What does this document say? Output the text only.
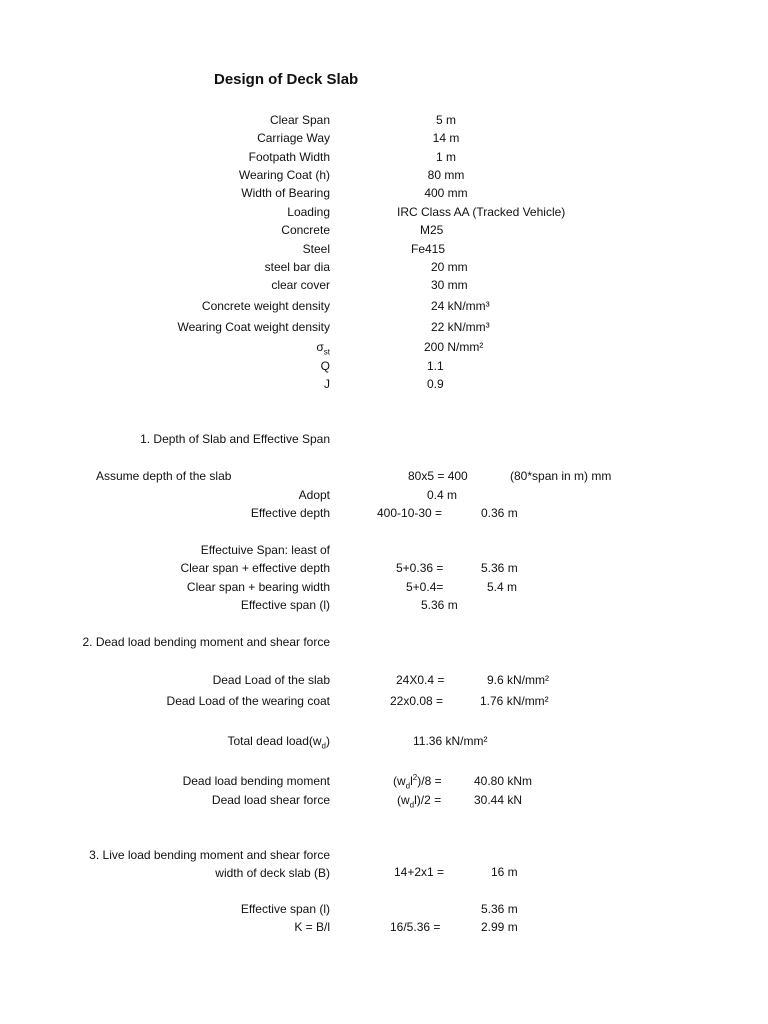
Design of Deck Slab
Clear Span	5 m
Carriage Way	14 m
Footpath Width	1 m
Wearing Coat (h)	80 mm
Width of Bearing	400 mm
Loading	IRC Class AA (Tracked Vehicle)
Concrete	M25
Steel	Fe415
steel bar dia	20 mm
clear cover	30 mm
Concrete weight density	24 kN/mm³
Wearing Coat weight density	22 kN/mm³
$\sigma_{st}$	200 N/mm²
Q	1.1
J	0.9
1. Depth of Slab and Effective Span
Assume depth of the slab	80x5 = 400	(80*span in m) mm
Adopt	0.4 m
Effective depth	400-10-30 =	0.36 m
Effectuive Span: least of
Clear span + effective depth	5+0.36 =	5.36 m
Clear span + bearing width	5+0.4=	5.4 m
Effective span (l)	5.36 m
2. Dead load bending moment and shear force
Dead Load of the slab	24X0.4 =	9.6 kN/mm²
Dead Load of the wearing coat	22x0.08 =	1.76 kN/mm²
Total dead $load(w_d)$	11.36 kN/mm²
Dead load bending moment	$(w_dl^2)/8$ =	40.80 kNm
Dead load shear force	$(w_dl)/2$ =	30.44 kN
3. Live load bending moment and shear force
width of deck slab (B)	14+2x1 =	16 m
Effective span (l)	5.36 m
K = B/l	16/5.36 =	2.99 m
